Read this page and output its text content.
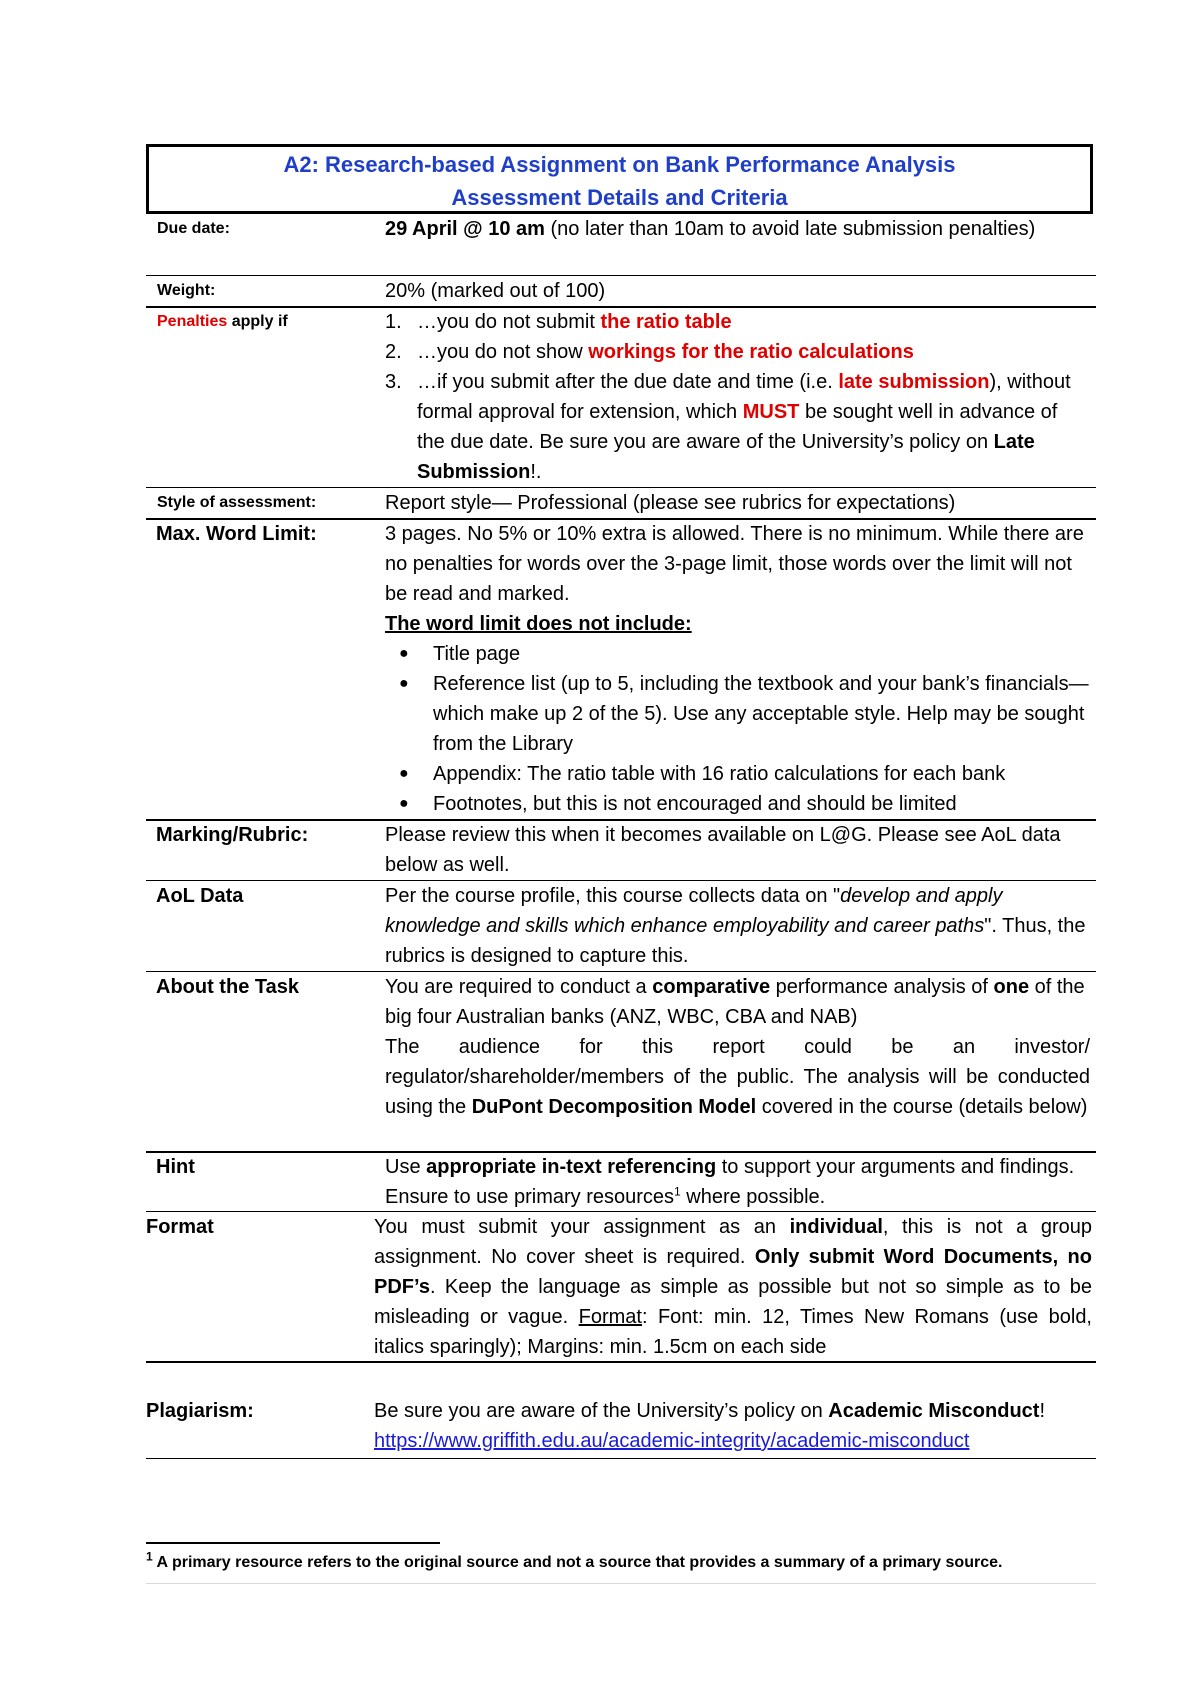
A2: Research-based Assignment on Bank Performance Analysis
Assessment Details and Criteria
Due date:	29 April @ 10 am (no later than 10am to avoid late submission penalties)
Weight:	20% (marked out of 100)
Penalties apply if	1. …you do not submit the ratio table
2. …you do not show workings for the ratio calculations
3. …if you submit after the due date and time (i.e. late submission), without formal approval for extension, which MUST be sought well in advance of the due date. Be sure you are aware of the University’s policy on Late Submission!.
Style of assessment:	Report style— Professional (please see rubrics for expectations)
Max. Word Limit:	3 pages. No 5% or 10% extra is allowed. There is no minimum. While there are no penalties for words over the 3-page limit, those words over the limit will not be read and marked.

The word limit does not include:

● Title page
● Reference list (up to 5, including the textbook and your bank’s financials—which make up 2 of the 5). Use any acceptable style. Help may be sought from the Library
● Appendix: The ratio table with 16 ratio calculations for each bank
● Footnotes, but this is not encouraged and should be limited
Marking/Rubric:	Please review this when it becomes available on L@G. Please see AoL data below as well.
AoL Data	Per the course profile, this course collects data on "develop and apply knowledge and skills which enhance employability and career paths". Thus, the rubrics is designed to capture this.
About the Task	You are required to conduct a comparative performance analysis of one of the big four Australian banks (ANZ, WBC, CBA and NAB)

The audience for this report could be an investor/ regulator/shareholder/members of the public. The analysis will be conducted using the DuPont Decomposition Model covered in the course (details below)

Hint	Use appropriate in-text referencing to support your arguments and findings. Ensure to use primary resources$^1$ where possible.
Format	You must submit your assignment as an individual, this is not a group assignment. No cover sheet is required. Only submit Word Documents, no PDF’s. Keep the language as simple as possible but not so simple as to be misleading or vague. Format: Font: min. 12, Times New Romans (use bold, italics sparingly); Margins: min. 1.5cm on each side
Plagiarism:	Be sure you are aware of the University’s policy on Academic Misconduct!
https://www.griffith.edu.au/academic-integrity/academic-misconduct
$^1$ A primary resource refers to the original source and not a source that provides a summary of a primary source.
